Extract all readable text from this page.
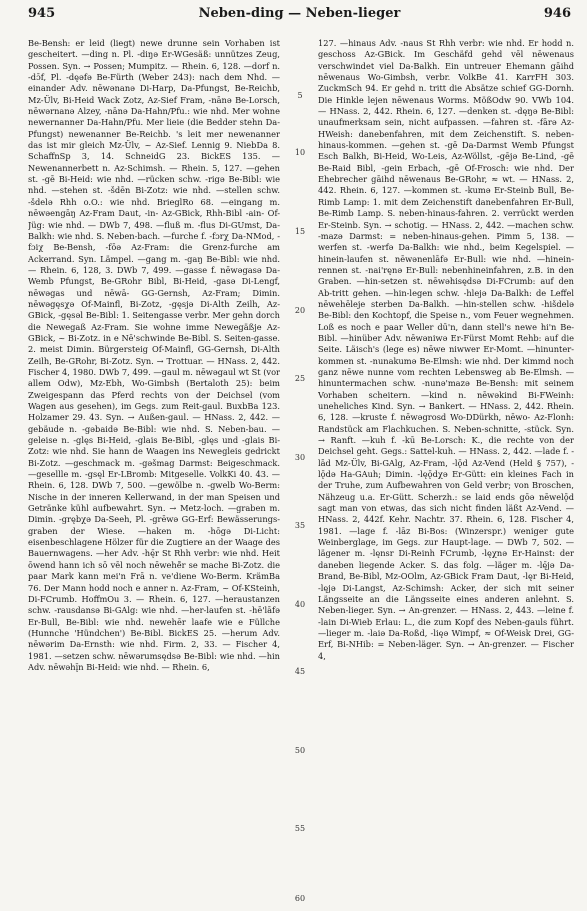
945	Neben-ding — Neben-lieger	946

Be-Bensh: er leid (liegt) newe drunne sein Vorhaben ist gescheitert. —ding n. Pl. -diŋə Er-WGesäß: unnützes Zeug, Possen. Syn. → Possen; Mumpitz. — Rhein. 6, 128. —dorf n. -dɔ̄f, Pl. -dęəfə Be-Fürth (Weber 243): nach dem Nhd. —einander Adv. nēwənanə Di-Harp, Da-Pfungst, Be-Reichb, Mz-Ülv, Bi-Heid Wack Zotz, Az-Sief Fram, -nānə Be-Lorsch, nēwərnanə Alzey, -nānə Da-Hahn/Pfu.: wie nhd. Mer wohne newernanner Da-Hahn/Pfu. Mer lieie (die Bedder stehn Da-Pfungst) newenanner Be-Reichb. 's leit mer newenanner das ist mir gleich Mz-Ülv, ~ Az-Sief. Lennig 9. NiebDa 8. SchaffnSp 3, 14. SchneidG 23. BickES 135. — Newenannerbett n. Az-Schimsh. — Rhein. 5, 127. —gehen st. -gē Bi-Heid: wie nhd. —rücken schw. -rigə Be-Bibl: wie nhd. —stehen st. -šdēn Bi-Zotz: wie nhd. —stellen schw. -šdelə Rhh o.O.: wie nhd. BrieglRo 68. —eingang m. nēwəengāŋ Az-Fram Daut, -in- Az-GBick, Rhh-Bibl -ain- Of-Jüg: wie nhd. — DWb 7, 498. —fluß m. -flus Di-GUmst, Da-Balkh: wie nhd. S. Neben-bach. —furche f. -fɔrχ Da-NMod, -fɔiχ Be-Bensh, -fōə Az-Fram: die Grenz-furche am Ackerrand. Syn. Lämpel. —gang m. -gaŋ Be-Bibl: wie nhd. — Rhein. 6, 128, 3. DWb 7, 499. —gasse f. nēwəgasə Da-Wemb Pfungst, Be-GRohr Bibl, Bi-Heid, -gasə Di-Lengf, nēwəgas und nēwā- GG-Gernsh, Az-Fram; Dimin. nēwəgęsχə Of-Mainfl, Bi-Zotz, -gęsjə Di-Alth Zeilh, Az-GBick, -gęsəl Be-Bibl: 1. Seitengasse verbr. Mer gehn dorch die Newegaß Az-Fram. Sie wohne imme Newegäßje Az-GBick, ~ Bi-Zotz. in e Nē'schwinde Be-Bibl. S. Seiten-gasse. 2. meist Dimin. Bürgersteig Of-Mainfl, GG-Gernsh, Di-Alth Zeilh, Be-GRohr, Bi-Zotz. Syn. → Trottuar. — HNass. 2, 442. Fischer 4, 1980. DWb 7, 499. —gaul m. nēwəgaul wt St (vor allem Odw), Mz-Ebh, Wo-Gimbsh (Bertaloth 25): beim Zweigespann das Pferd rechts von der Deichsel (vom Wagen aus gesehen), im Gegs. zum Reit-gaul. BuxbBa 123. Holzamer 29. 43. Syn. → Außen-gaul. — HNass. 2, 442. —gebäude n. -gəbaidə Be-Bibl: wie nhd. S. Neben-bau. —geleise n. -glęs Bi-Heid, -glais Be-Bibl, -glęs und -glais Bi-Zotz: wie nhd. Sie hann de Waagen ins Newegleis gedrickt Bi-Zotz. —geschmack m. -gəšmag Darmst: Beigeschmack. —gesellle m. -gsęl Er-LBromb: Mitgeselle. VolkKi 40. 43. — Rhein. 6, 128. DWb 7, 500. —gewölbe n. -gwelb Wo-Berm: Nische in der inneren Kellerwand, in der man Speisen und Getränke kühl aufbewahrt. Syn. → Metz-loch. —graben m. Dimin. -grębχə Da-Seeh, Pl. -grēwə GG-Erf: Bewässerungs-graben der Wiese. —haken m. -hōgə Di-Licht: eisenbeschlagene Hölzer für die Zugtiere an der Waage des Bauernwagens. —her Adv. -hę̄r St Rhh verbr: wie nhd. Heit ōwend hann ich sō vēl noch nēwehē̃r se mache Bi-Zotz. die paar Mark kann mei'n Frā n. ve'diene Wo-Berm. KrämBa 76. Der Mann hodd noch e anner n. Az-Fram, ~ Of-KSteinh, Di-FCrumb. HoffmOu 3. — Rhein. 6, 127. —heraustanzen schw. -rausdansə Bi-GAlg: wie nhd. —her-laufen st. -hē'lāfə Er-Bull, Be-Bibl: wie nhd. newehēr laafe wie e Füllche (Hunnche 'Hündchen') Be-Bibl. BickES 25. —herum Adv. nēwərim Da-Ernsth: wie nhd. Firm. 2, 33. — Fischer 4, 1981. —setzen schw. nēwərumsędsə Be-Bibl: wie nhd. —hin Adv. nēwəhį̄n Bi-Heid: wie nhd. — Rhein. 6,

5
10
15
20
25
30
35
40
45
50
55
60

127. —hinaus Adv. -naus St Rhh verbr: wie nhd. Er hodd n. geschoss Az-GBick. Im Geschäfd gehd vēl nēwenaus verschwindet viel Da-Balkh. Ein untreuer Ehemann gāihd nēwenaus Wo-Gimbsh, verbr. VolkBe 41. KarrFH 303. ZuckmSch 94. Er gehd n. tritt die Absätze schief GG-Dornh. Die Hinkle lejen nēwenaus Worms. MößOdw 90. VWb 104. — HNass. 2, 442. Rhein. 6, 127. —denken st. -dęŋə Be-Bibl: unaufmerksam sein, nicht aufpassen. —fahren st. -fārə Az-HWeish: danebenfahren, mit dem Zeichenstift. S. neben-hinaus-kommen. —gehen st. -gē Da-Darmst Wemb Pfungst Esch Balkh, Bi-Heid, Wo-Leis, Az-Wöllst, -gējə Be-Lind, -gē Be-Raid Bibl, -gein Erbach, -gē Of-Frosch: wie nhd. Der Ehebrecher gāihd nēwenaus Be-GRohr, ≈ wt. — HNass. 2, 442. Rhein. 6, 127. —kommen st. -kumə Er-Steinb Bull, Be-Rimb Lamp: 1. mit dem Zeichenstift danebenfahren Er-Bull, Be-Rimb Lamp. S. neben-hinaus-fahren. 2. verrückt werden Er-Steinb. Syn. → schotig. — HNass. 2, 442. —machen schw. -mazə Darmst: = neben-hinaus-gehen. Pimm 5, 138. —werfen st. -werfə Da-Balkh: wie nhd., beim Kegelspiel. —hinein-laufen st. nēwənenlāfə Er-Bull: wie nhd. —hinein-rennen st. -nai'ręnə Er-Bull: nebenhineinfahren, z.B. in den Graben. —hin-setzen st. nēwəhisędsə Di-FCrumb: auf den Ab-tritt gehen. —hin-legen schw. -hlejə Da-Balkh: de Leffel nēwehēleje sterben Da-Balkh. —hin-stellen schw. -hišdelə Be-Bibl: den Kochtopf, die Speise n., vom Feuer wegnehmen. Loß es noch e paar Weller dū'n, dann stell's newe hi'n Be-Bibl. —hinüber Adv. nēwəniwə Er-Fürst Momt Rehb: auf die Seite. Läisch's (lege es) nēwe niwwer Er-Momt. —hinunter-kommen st. -nunakumə Be-Elmsh: wie nhd. Der kimmd noch ganz nēwe nunne vom rechten Lebensweg ab Be-Elmsh. —hinuntermachen schw. -nunə'mazə Be-Bensh: mit seinem Vorhaben scheitern. —kind n. nēwəkind Bi-FWeinh: uneheliches Kind. Syn. → Bankert. — HNass. 2, 442. Rhein. 6, 128. —kruste f. nēwəgrosd Wo-DDürkh, nēwo- Az-Flonh: Randstück am Flachkuchen. S. Neben-schnitte, -stück. Syn. → Ranft. —kuh f. -kū Be-Lorsch: K., die rechte von der Deichsel geht. Gegs.: Sattel-kuh. — HNass. 2, 442. —lade f. -lād Mz-Ülv, Bi-GAlg, Az-Fram, -lǭd Az-Vend (Held § 757), -lǭdə Ha-GAuh; Dimin. -lęǭdχə Er-Gütt: ein kleines Fach in der Truhe, zum Aufbewahren von Geld verbr; von Broschen, Nähzeug u.a. Er-Gütt. Scherzh.: se laid ends gōə nēwelǭd sagt man von etwas, das sich nicht finden läßt Az-Vend. — HNass. 2, 442f. Kehr. Nachtr. 37. Rhein. 6, 128. Fischer 4, 1981. —lage f. -lāz Bi-Bos: (Winzerspr.) weniger gute Weinberglage, im Gegs. zur Haupt-lage. — DWb 7, 502. —lägener m. -lęnsr Di-Reinh FCrumb, -lęχnə Er-Hainst: der daneben liegende Acker. S. das folg. —läger m. -lę̄jə Da-Brand, Be-Bibl, Mz-OOlm, Az-GBick Fram Daut, -lęr Bi-Heid, -lęjə Di-Langst, Az-Schimsh: Acker, der sich mit seiner Längsseite an die Längsseite eines anderen anlehnt. S. Neben-lieger. Syn. → An-grenzer. — HNass. 2, 443. —leine f. -lain Di-Wieb Erlau: L., die zum Kopf des Neben-gauls führt. —lieger m. -laiə Da-Roßd, -lięə Wimpf, ≈ Of-Weisk Drei, GG-Erf, Bi-NHib: = Neben-läger. Syn. → An-grenzer. — Fischer 4,
